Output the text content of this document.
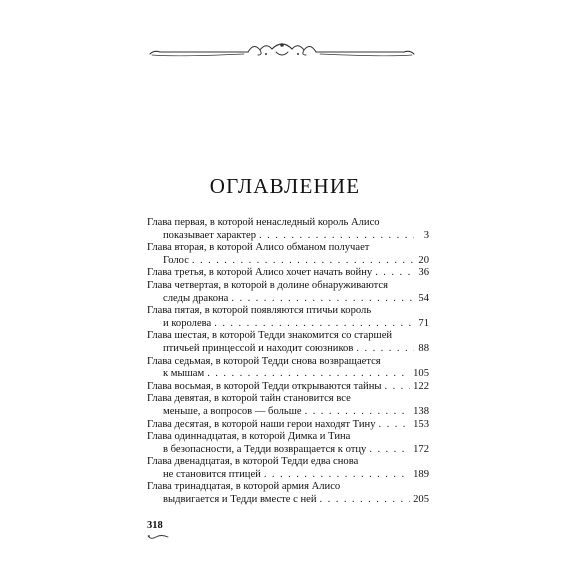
ОГЛАВЛЕНИЕ
Глава первая, в которой ненаследный король Алисо
показывает характер . . .	3
Глава вторая, в которой Алисо обманом получает
Голос . . .	20
Глава третья, в которой Алисо хочет начать войну . . .	36
Глава четвертая, в которой в долине обнаруживаются
следы дракона . . .	54
Глава пятая, в которой появляются птичьи король
и королева . . .	71
Глава шестая, в которой Тедди знакомится со старшей
птичьей принцессой и находит союзников . . .	88
Глава седьмая, в которой Тедди снова возвращается
к мышам . . .	105
Глава восьмая, в которой Тедди открываются тайны . . .	122
Глава девятая, в которой тайн становится все
меньше, а вопросов — больше . . .	138
Глава десятая, в которой наши герои находят Тину . . .	153
Глава одиннадцатая, в которой Димка и Тина
в безопасности, а Тедди возвращается к отцу . . .	172
Глава двенадцатая, в которой Тедди едва снова
не становится птицей . . .	189
Глава тринадцатая, в которой армия Алисо
выдвигается и Тедди вместе с ней . . .	205
318
